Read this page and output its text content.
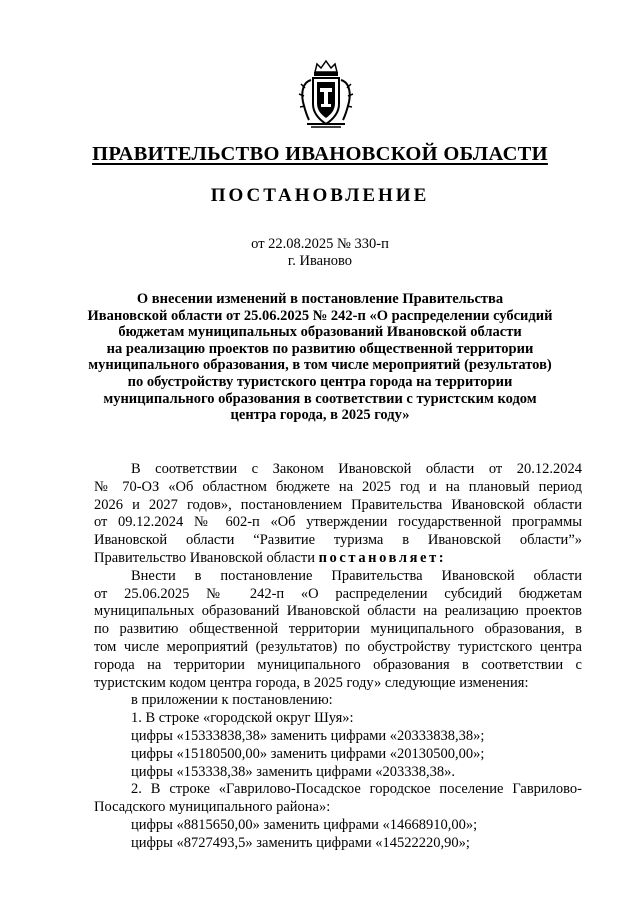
ПРАВИТЕЛЬСТВО ИВАНОВСКОЙ ОБЛАСТИ
ПОСТАНОВЛЕНИЕ
от 22.08.2025 № 330-п
г. Иваново
О внесении изменений в постановление Правительства
Ивановской области от 25.06.2025 № 242-п «О распределении субсидий
бюджетам муниципальных образований Ивановской области
на реализацию проектов по развитию общественной территории
муниципального образования, в том числе мероприятий (результатов)
по обустройству туристского центра города на территории
муниципального образования в соответствии с туристским кодом
центра города, в 2025 году»
В соответствии с Законом Ивановской области от 20.12.2024
№ 70-ОЗ «Об областном бюджете на 2025 год и на плановый период
2026 и 2027 годов», постановлением Правительства Ивановской области
от 09.12.2024 № 602-п «Об утверждении государственной программы
Ивановской области “Развитие туризма в Ивановской области”»
Правительство Ивановской области постановляет:
Внести в постановление Правительства Ивановской области
от 25.06.2025 № 242-п «О распределении субсидий бюджетам
муниципальных образований Ивановской области на реализацию проектов
по развитию общественной территории муниципального образования, в
том числе мероприятий (результатов) по обустройству туристского центра
города на территории муниципального образования в соответствии с
туристским кодом центра города, в 2025 году» следующие изменения:
в приложении к постановлению:
1. В строке «городской округ Шуя»:
цифры «15333838,38» заменить цифрами «20333838,38»;
цифры «15180500,00» заменить цифрами «20130500,00»;
цифры «153338,38» заменить цифрами «203338,38».
2. В строке «Гаврилово-Посадское городское поселение Гаврилово-
Посадского муниципального района»:
цифры «8815650,00» заменить цифрами «14668910,00»;
цифры «8727493,5» заменить цифрами «14522220,90»;
